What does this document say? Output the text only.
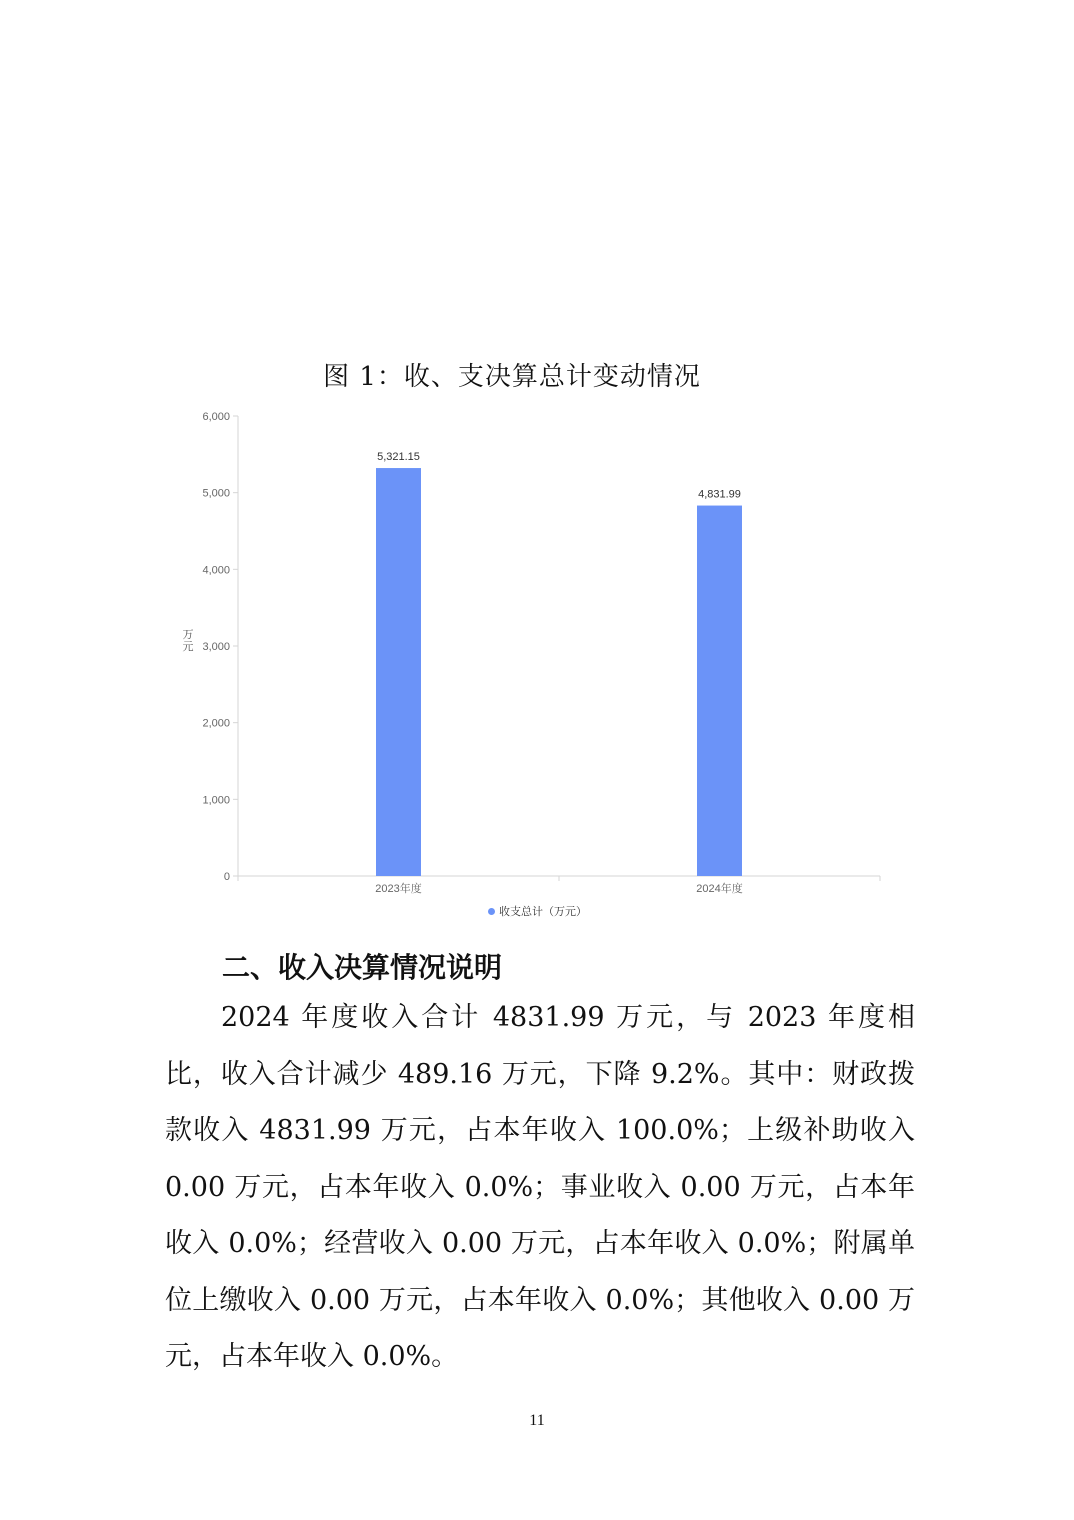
图 1：收、支决算总计变动情况
0
1,000
2,000
3,000
4,000
5,000
6,000
万元
2023年度	2024年度
5,321.15
4,831.99
收支总计（万元）
二、收入决算情况说明

2024 年度收入合计 4831.99 万元，与 2023 年度相比，收入合计减少 489.16 万元，下降 9.2%。其中：财政拨款收入 4831.99 万元，占本年收入 100.0%；上级补助收入 0.00 万元，占本年收入 0.0%；事业收入 0.00 万元，占本年收入 0.0%；经营收入 0.00 万元，占本年收入 0.0%；附属单位上缴收入 0.00 万元，占本年收入 0.0%；其他收入 0.00 万元，占本年收入 0.0%。

11
